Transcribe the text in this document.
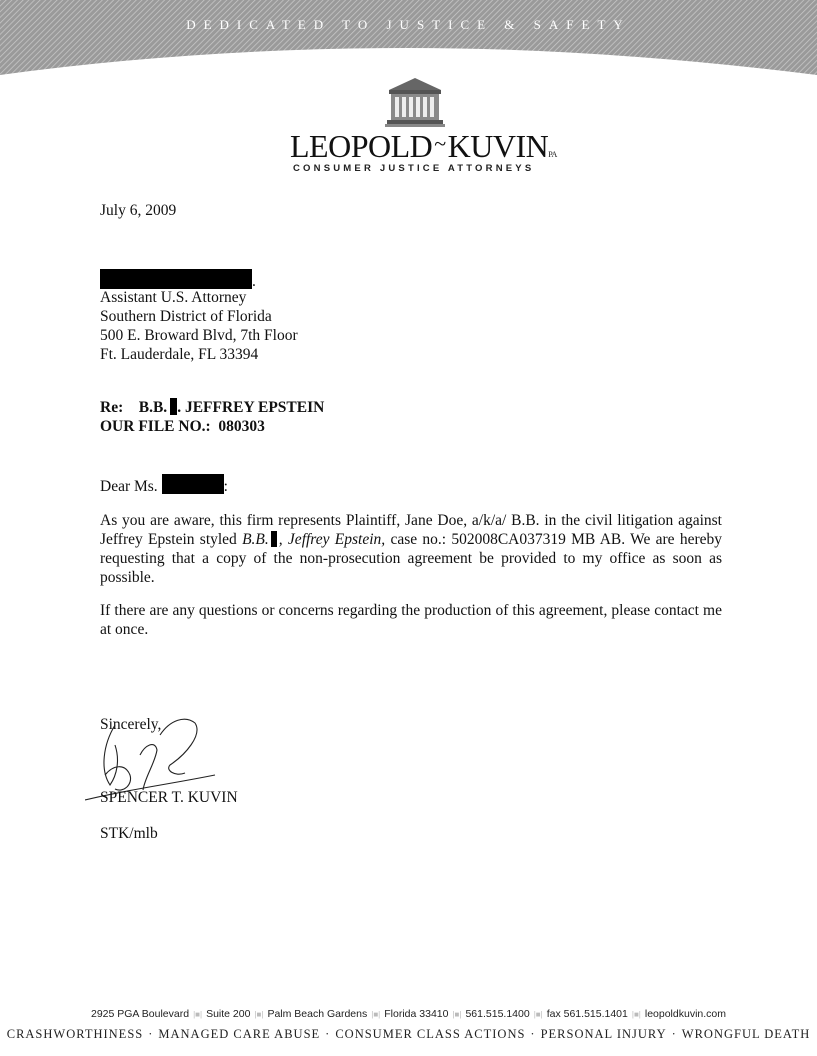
DEDICATED TO JUSTICE & SAFETY
LEOPOLD~KUVINPA
CONSUMER JUSTICE ATTORNEYS
July 6, 2009
.
Assistant U.S. Attorney
Southern District of Florida
500 E. Broward Blvd, 7th Floor
Ft. Lauderdale, FL 33394
Re: B.B. . JEFFREY EPSTEIN
OUR FILE NO.: 080303
Dear Ms.	:
As you are aware, this firm represents Plaintiff, Jane Doe, a/k/a/ B.B. in the civil litigation against Jeffrey Epstein styled B.B. , Jeffrey Epstein, case no.: 502008CA037319 MB AB. We are hereby requesting that a copy of the non-prosecution agreement be provided to my office as soon as possible.
If there are any questions or concerns regarding the production of this agreement, please contact me at once.
Sincerely,
SPENCER T. KUVIN
STK/mlb
2925 PGA Boulevard |■| Suite 200 |■| Palm Beach Gardens |■| Florida 33410 |■| 561.515.1400 |■| fax 561.515.1401 |■| leopoldkuvin.com
CRASHWORTHINESS · MANAGED CARE ABUSE · CONSUMER CLASS ACTIONS · PERSONAL INJURY · WRONGFUL DEATH
